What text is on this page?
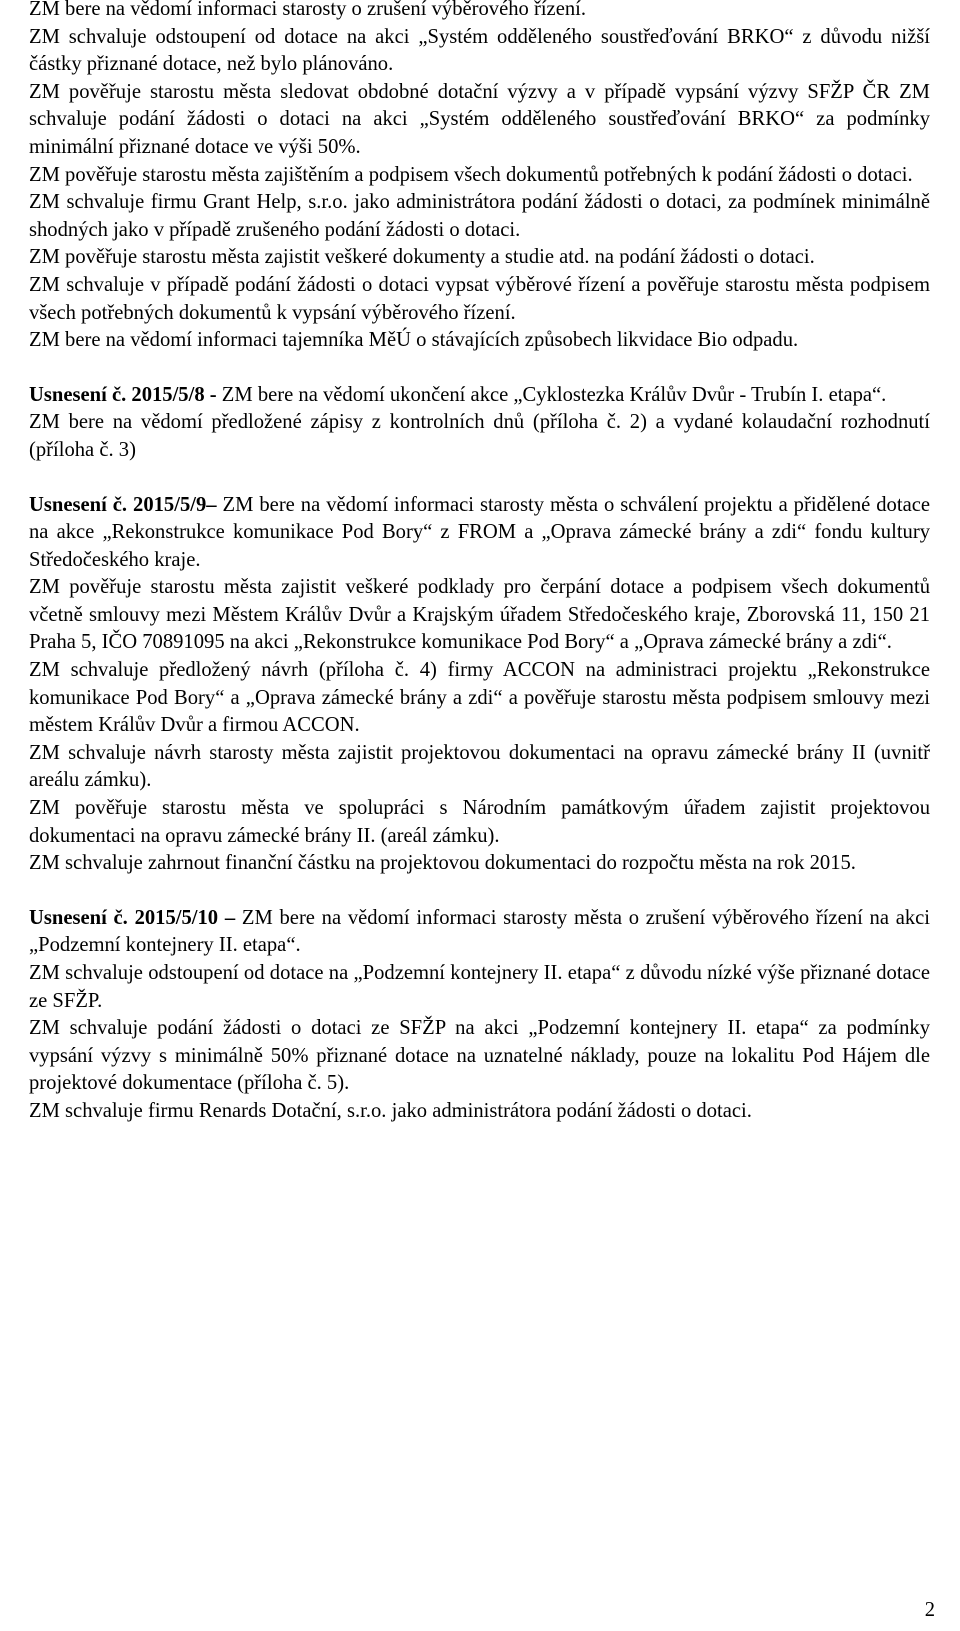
ZM bere na vědomí informaci starosty o zrušení výběrového řízení.

ZM schvaluje odstoupení od dotace na akci „Systém odděleného soustřeďování BRKO“ z důvodu nižší částky přiznané dotace, než bylo plánováno.

ZM pověřuje starostu města sledovat obdobné dotační výzvy a v případě vypsání výzvy SFŽP ČR ZM schvaluje podání žádosti o dotaci na akci „Systém odděleného soustřeďování BRKO“ za podmínky minimální přiznané dotace ve výši 50%.

ZM pověřuje starostu města zajištěním a podpisem všech dokumentů potřebných k podání žádosti o dotaci.

ZM schvaluje firmu Grant Help, s.r.o. jako administrátora podání žádosti o dotaci, za podmínek minimálně shodných jako v případě zrušeného podání žádosti o dotaci.

ZM pověřuje starostu města zajistit veškeré dokumenty a studie atd. na podání žádosti o dotaci.

ZM schvaluje v případě podání žádosti o dotaci vypsat výběrové řízení a pověřuje starostu města podpisem všech potřebných dokumentů k vypsání výběrového řízení.

ZM bere na vědomí informaci tajemníka MěÚ o stávajících způsobech likvidace Bio odpadu.

Usnesení č. 2015/5/8 - ZM bere na vědomí ukončení akce „Cyklostezka Králův Dvůr - Trubín I. etapa“.

ZM bere na vědomí předložené zápisy z kontrolních dnů (příloha č. 2) a vydané kolaudační rozhodnutí (příloha č. 3)

Usnesení č. 2015/5/9– ZM bere na vědomí informaci starosty města o schválení projektu a přidělené dotace na akce „Rekonstrukce komunikace Pod Bory“ z FROM a „Oprava zámecké brány a zdi“ fondu kultury Středočeského kraje.

ZM pověřuje starostu města zajistit veškeré podklady pro čerpání dotace a podpisem všech dokumentů včetně smlouvy mezi Městem Králův Dvůr a Krajským úřadem Středočeského kraje, Zborovská 11, 150 21 Praha 5, IČO 70891095 na akci „Rekonstrukce komunikace Pod Bory“ a „Oprava zámecké brány a zdi“.

ZM schvaluje předložený návrh (příloha č. 4) firmy ACCON na administraci projektu „Rekonstrukce komunikace Pod Bory“ a „Oprava zámecké brány a zdi“ a pověřuje starostu města podpisem smlouvy mezi městem Králův Dvůr a firmou ACCON.

ZM schvaluje návrh starosty města zajistit projektovou dokumentaci na opravu zámecké brány II (uvnitř areálu zámku).

ZM pověřuje starostu města ve spolupráci s Národním památkovým úřadem zajistit projektovou dokumentaci na opravu zámecké brány II. (areál zámku).

ZM schvaluje zahrnout finanční částku na projektovou dokumentaci do rozpočtu města na rok 2015.

Usnesení č. 2015/5/10 – ZM bere na vědomí informaci starosty města o zrušení výběrového řízení na akci „Podzemní kontejnery II. etapa“.

ZM schvaluje odstoupení od dotace na „Podzemní kontejnery II. etapa“ z důvodu nízké výše přiznané dotace ze SFŽP.

ZM schvaluje podání žádosti o dotaci ze SFŽP na akci „Podzemní kontejnery II. etapa“ za podmínky vypsání výzvy s minimálně 50% přiznané dotace na uznatelné náklady, pouze na lokalitu Pod Hájem dle projektové dokumentace (příloha č. 5).

ZM schvaluje firmu Renards Dotační, s.r.o. jako administrátora podání žádosti o dotaci.

2
